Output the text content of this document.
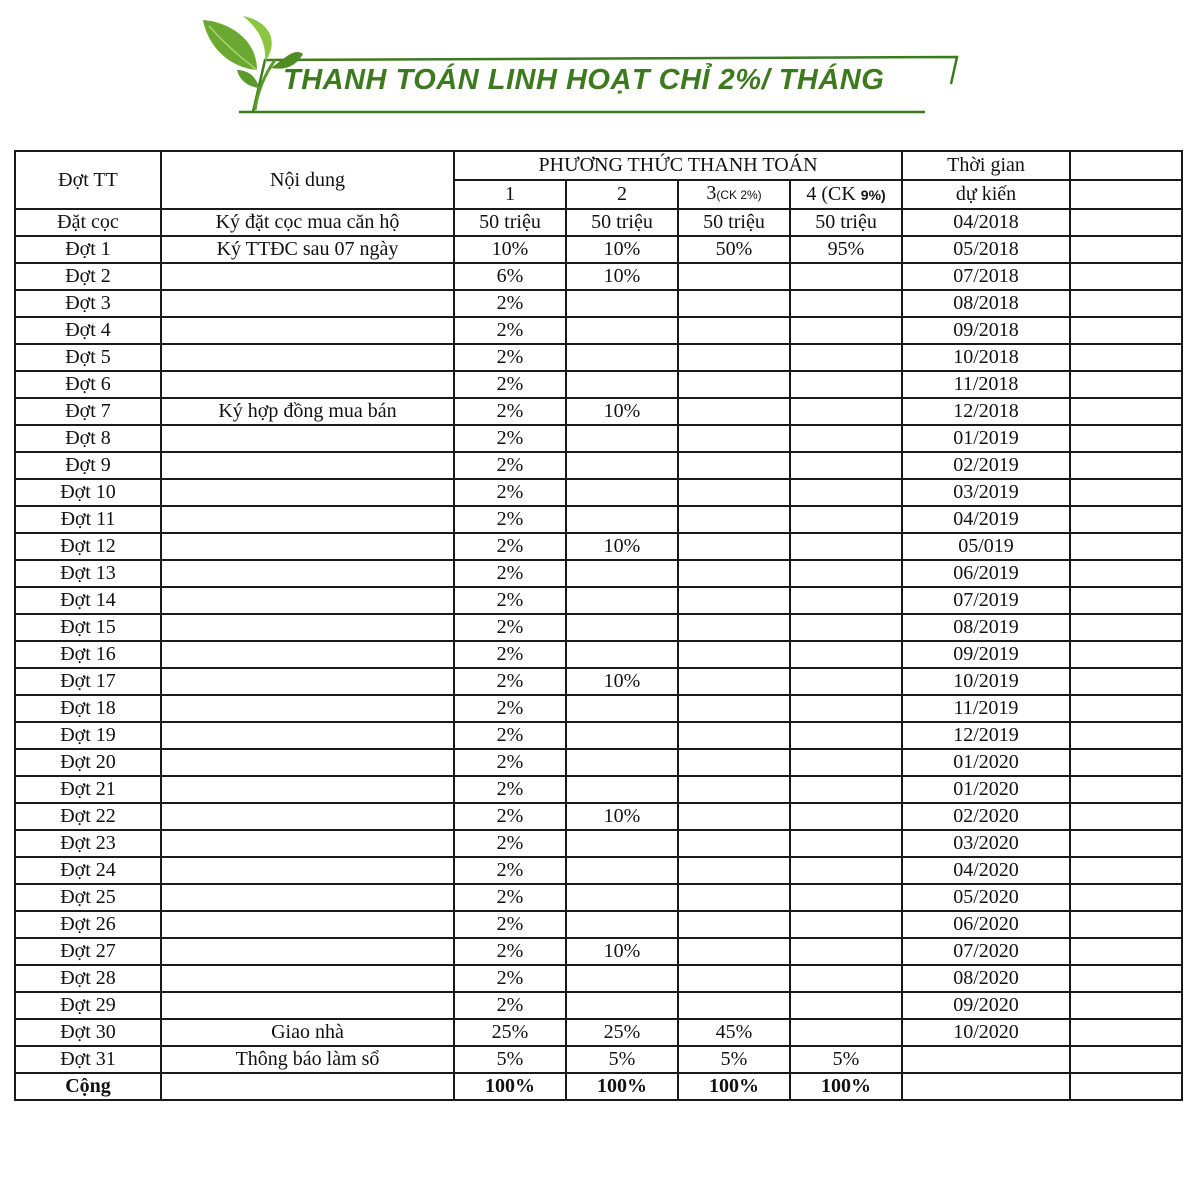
THANH TOÁN LINH HOẠT CHỈ 2%/ THÁNG
Đợt TT	Nội dung	PHƯƠNG THỨC THANH TOÁN				Thời gian	
		1	2	3(CK 2%)	4 (CK 9%)	dự kiến	
Đặt cọc	Ký đặt cọc mua căn hộ	50 triệu	50 triệu	50 triệu	50 triệu	04/2018	
Đợt 1	Ký TTĐC sau 07 ngày	10%	10%	50%	95%	05/2018	
Đợt 2		6%	10%			07/2018	
Đợt 3		2%				08/2018	
Đợt 4		2%				09/2018	
Đợt 5		2%				10/2018	
Đợt 6		2%				11/2018	
Đợt 7	Ký hợp đồng mua bán	2%	10%			12/2018	
Đợt 8		2%				01/2019	
Đợt 9		2%				02/2019	
Đợt 10		2%				03/2019	
Đợt 11		2%				04/2019	
Đợt 12		2%	10%			05/019	
Đợt 13		2%				06/2019	
Đợt 14		2%				07/2019	
Đợt 15		2%				08/2019	
Đợt 16		2%				09/2019	
Đợt 17		2%	10%			10/2019	
Đợt 18		2%				11/2019	
Đợt 19		2%				12/2019	
Đợt 20		2%				01/2020	
Đợt 21		2%				01/2020	
Đợt 22		2%	10%			02/2020	
Đợt 23		2%				03/2020	
Đợt 24		2%				04/2020	
Đợt 25		2%				05/2020	
Đợt 26		2%				06/2020	
Đợt 27		2%	10%			07/2020	
Đợt 28		2%				08/2020	
Đợt 29		2%				09/2020	
Đợt 30	Giao nhà	25%	25%	45%		10/2020	
Đợt 31	Thông báo làm sổ	5%	5%	5%	5%		
Cộng		100%	100%	100%	100%		
